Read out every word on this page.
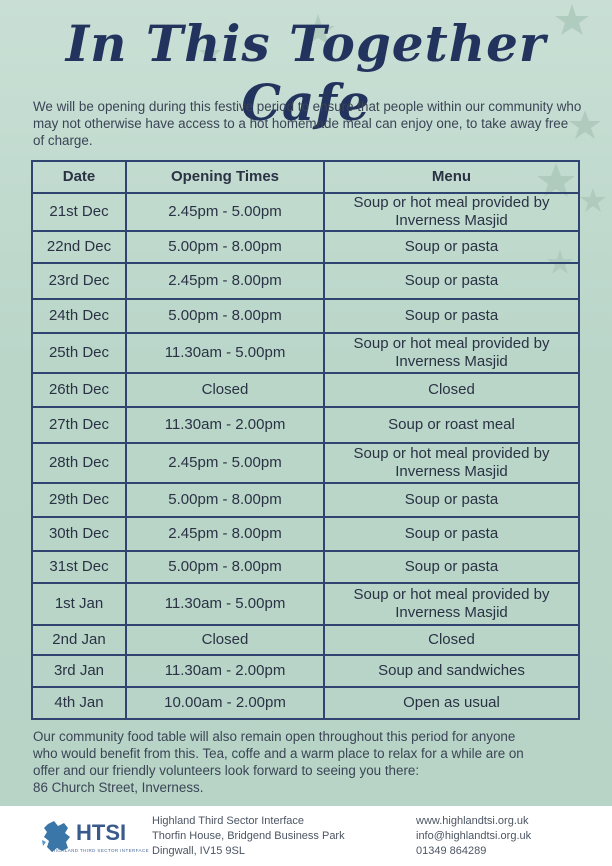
In This Together Cafe
We will be opening during this festive period to ensure that people within our community who may not otherwise have access to a hot homemade meal can enjoy one, to take away free of charge.
Date	Opening Times	Menu
21st Dec	2.45pm - 5.00pm	Soup or hot meal provided by Inverness Masjid
22nd Dec	5.00pm - 8.00pm	Soup or pasta
23rd Dec	2.45pm - 8.00pm	Soup or pasta
24th Dec	5.00pm - 8.00pm	Soup or pasta
25th Dec	11.30am - 5.00pm	Soup or hot meal provided by Inverness Masjid
26th Dec	Closed	Closed
27th Dec	11.30am - 2.00pm	Soup or roast meal
28th Dec	2.45pm - 5.00pm	Soup or hot meal provided by Inverness Masjid
29th Dec	5.00pm - 8.00pm	Soup or pasta
30th Dec	2.45pm - 8.00pm	Soup or pasta
31st Dec	5.00pm - 8.00pm	Soup or pasta
1st Jan	11.30am - 5.00pm	Soup or hot meal provided by Inverness Masjid
2nd Jan	Closed	Closed
3rd Jan	11.30am - 2.00pm	Soup and sandwiches
4th Jan	10.00am - 2.00pm	Open as usual
Our community food table will also remain open throughout this period for anyone
who would benefit from this. Tea, coffe and a warm place to relax for a while are on
offer and our friendly volunteers look forward to seeing you there:
86 Church Street, Inverness.
HTSI
HIGHLAND THIRD SECTOR INTERFACE
Highland Third Sector Interface
Thorfin House, Bridgend Business Park
Dingwall, IV15 9SL
www.highlandtsi.org.uk
info@highlandtsi.org.uk
01349 864289
